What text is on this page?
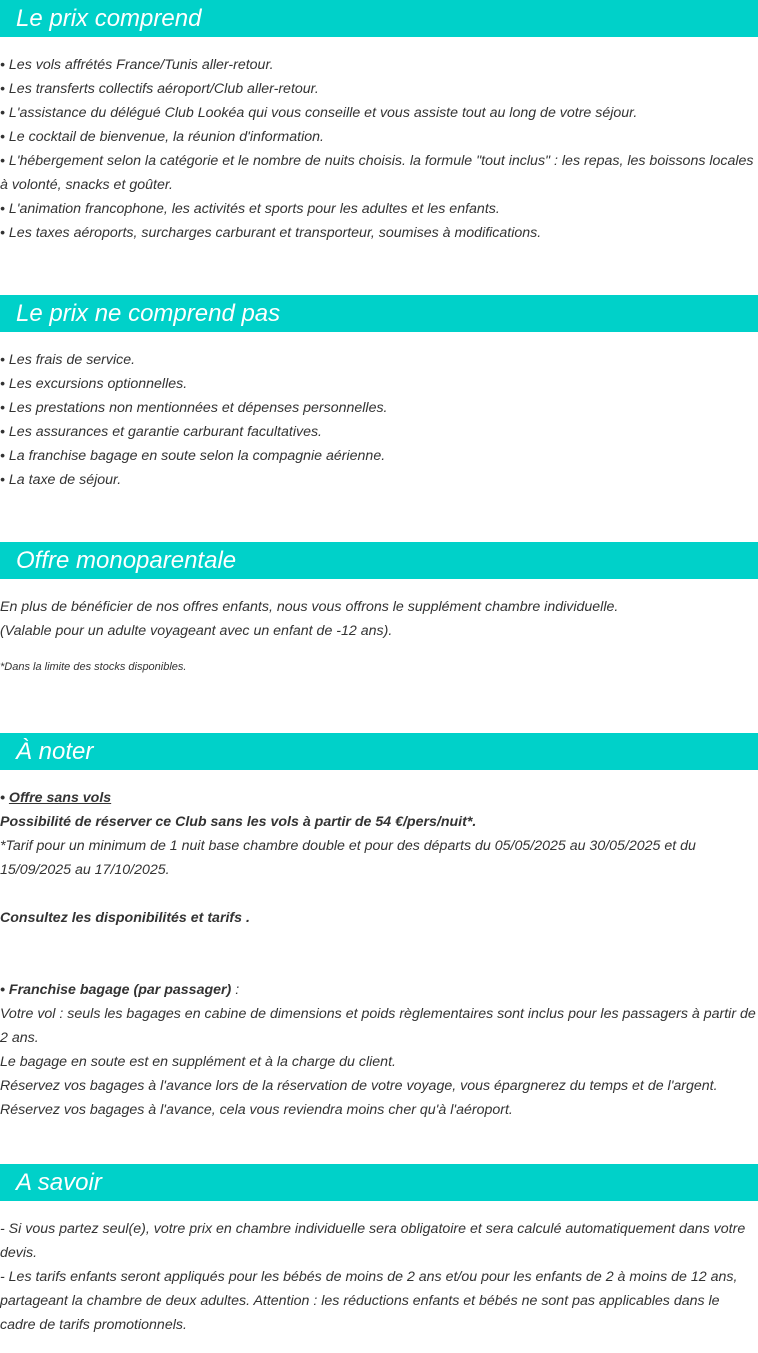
Le prix comprend
• Les vols affrétés France/Tunis aller-retour.
• Les transferts collectifs aéroport/Club aller-retour.
• L'assistance du délégué Club Lookéa qui vous conseille et vous assiste tout au long de votre séjour.
• Le cocktail de bienvenue, la réunion d'information.
• L'hébergement selon la catégorie et le nombre de nuits choisis. la formule "tout inclus" : les repas, les boissons locales à volonté, snacks et goûter.
• L'animation francophone, les activités et sports pour les adultes et les enfants.
• Les taxes aéroports, surcharges carburant et transporteur, soumises à modifications.
Le prix ne comprend pas
• Les frais de service.
• Les excursions optionnelles.
• Les prestations non mentionnées et dépenses personnelles.
• Les assurances et garantie carburant facultatives.
• La franchise bagage en soute selon la compagnie aérienne.
• La taxe de séjour.
Offre monoparentale
En plus de bénéficier de nos offres enfants, nous vous offrons le supplément chambre individuelle.
(Valable pour un adulte voyageant avec un enfant de -12 ans).
*Dans la limite des stocks disponibles.
À noter
• Offre sans vols
Possibilité de réserver ce Club sans les vols à partir de 54 €/pers/nuit*.
*Tarif pour un minimum de 1 nuit base chambre double et pour des départs du 05/05/2025 au 30/05/2025 et du 15/09/2025 au 17/10/2025.
Consultez les disponibilités et tarifs .
• Franchise bagage (par passager) :
Votre vol : seuls les bagages en cabine de dimensions et poids règlementaires sont inclus pour les passagers à partir de 2 ans.
Le bagage en soute est en supplément et à la charge du client.
Réservez vos bagages à l'avance lors de la réservation de votre voyage, vous épargnerez du temps et de l'argent.
Réservez vos bagages à l'avance, cela vous reviendra moins cher qu'à l'aéroport.
A savoir
- Si vous partez seul(e), votre prix en chambre individuelle sera obligatoire et sera calculé automatiquement dans votre devis.
- Les tarifs enfants seront appliqués pour les bébés de moins de 2 ans et/ou pour les enfants de 2 à moins de 12 ans, partageant la chambre de deux adultes. Attention : les réductions enfants et bébés ne sont pas applicables dans le cadre de tarifs promotionnels.
